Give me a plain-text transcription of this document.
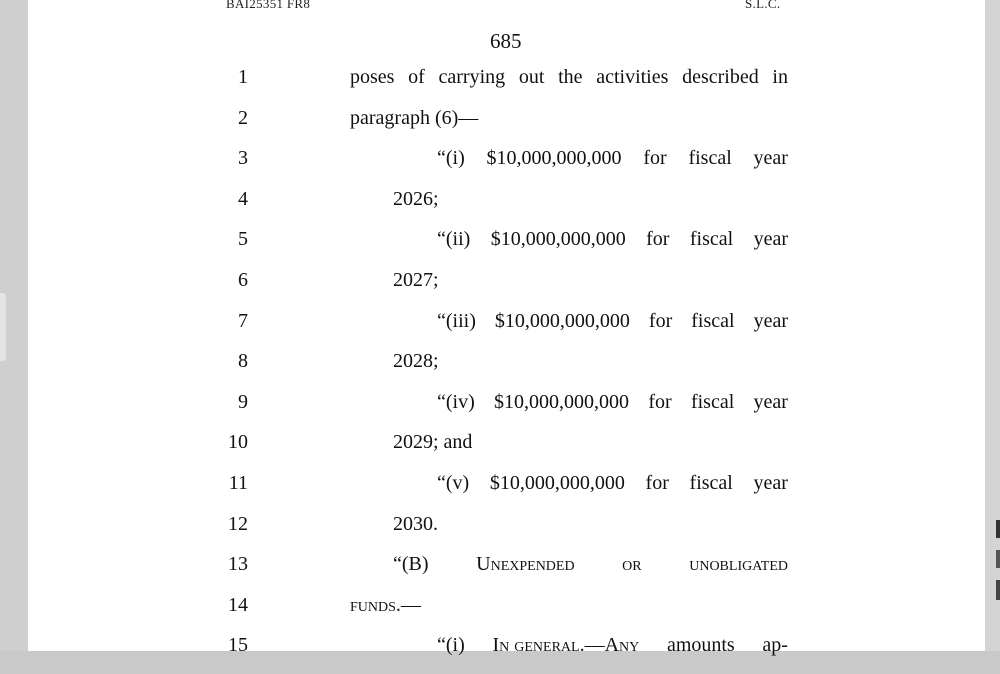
BAI25351 FR8	S.L.C.
685
1	poses of carrying out the activities described in
2	paragraph (6)—
3	“(i) $10,000,000,000 for fiscal year
4	2026;
5	“(ii) $10,000,000,000 for fiscal year
6	2027;
7	“(iii) $10,000,000,000 for fiscal year
8	2028;
9	“(iv) $10,000,000,000 for fiscal year
10	2029; and
11	“(v) $10,000,000,000 for fiscal year
12	2030.
13	“(B) Unexpended or unobligated
14	funds.—
15	“(i) In general.—Any amounts ap-
